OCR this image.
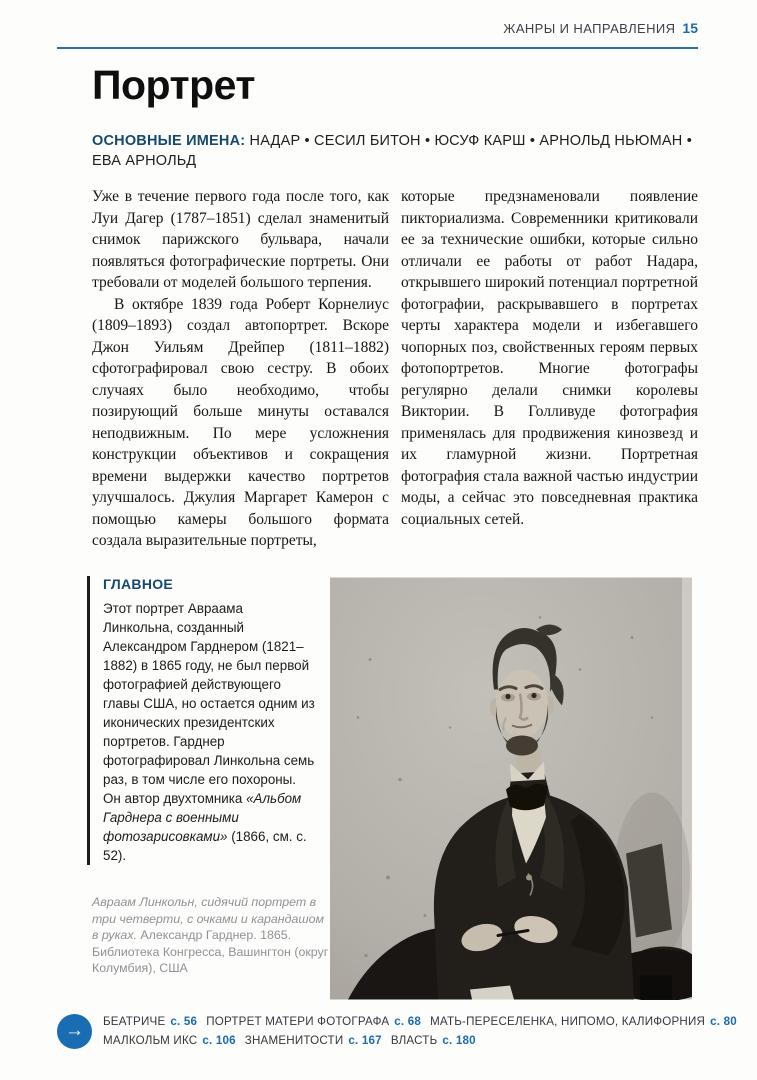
ЖАНРЫ И НАПРАВЛЕНИЯ 15
Портрет

ОСНОВНЫЕ ИМЕНА: НАДАР • СЕСИЛ БИТОН • ЮСУФ КАРШ • АРНОЛЬД НЬЮМАН • ЕВА АРНОЛЬД

Уже в течение первого года после того, как Луи Дагер (1787–1851) сделал знаменитый снимок парижского бульвара, начали появляться фотографические портреты. Они требовали от моделей большого терпения.

В октябре 1839 года Роберт Корнелиус (1809–1893) создал автопортрет. Вскоре Джон Уильям Дрейпер (1811–1882) сфотографировал свою сестру. В обоих случаях было необходимо, чтобы позирующий больше минуты оставался неподвижным. По мере усложнения конструкции объективов и сокращения времени выдержки качество портретов улучшалось. Джулия Маргарет Камерон с помощью камеры большого формата создала выразительные портреты,

которые предзнаменовали появление пикториализма. Современники критиковали ее за технические ошибки, которые сильно отличали ее работы от работ Надара, открывшего широкий потенциал портретной фотографии, раскрывавшего в портретах черты характера модели и избегавшего чопорных поз, свойственных героям первых фотопортретов. Многие фотографы регулярно делали снимки королевы Виктории. В Голливуде фотография применялась для продвижения кинозвезд и их гламурной жизни. Портретная фотография стала важной частью индустрии моды, а сейчас это повседневная практика социальных сетей.

ГЛАВНОЕ

Этот портрет Авраама Линкольна, созданный Александром Гарднером (1821–1882) в 1865 году, не был первой фотографией действующего главы США, но остается одним из иконических президентских портретов. Гарднер фотографировал Линкольна семь раз, в том числе его похороны. Он автор двухтомника «Альбом Гарднера с военными фотозарисовками» (1866, см. с. 52).

Авраам Линкольн, сидячий портрет в три четверти, с очками и карандашом в руках. Александр Гарднер. 1865. Библиотека Конгресса, Вашингтон (округ Колумбия), США

→	БЕАТРИЧЕ с. 56 ПОРТРЕТ МАТЕРИ ФОТОГРАФА с. 68 МАТЬ-ПЕРЕСЕЛЕНКА, НИПОМО, КАЛИФОРНИЯ с. 80
МАЛКОЛЬМ ИКС с. 106 ЗНАМЕНИТОСТИ с. 167 ВЛАСТЬ с. 180
